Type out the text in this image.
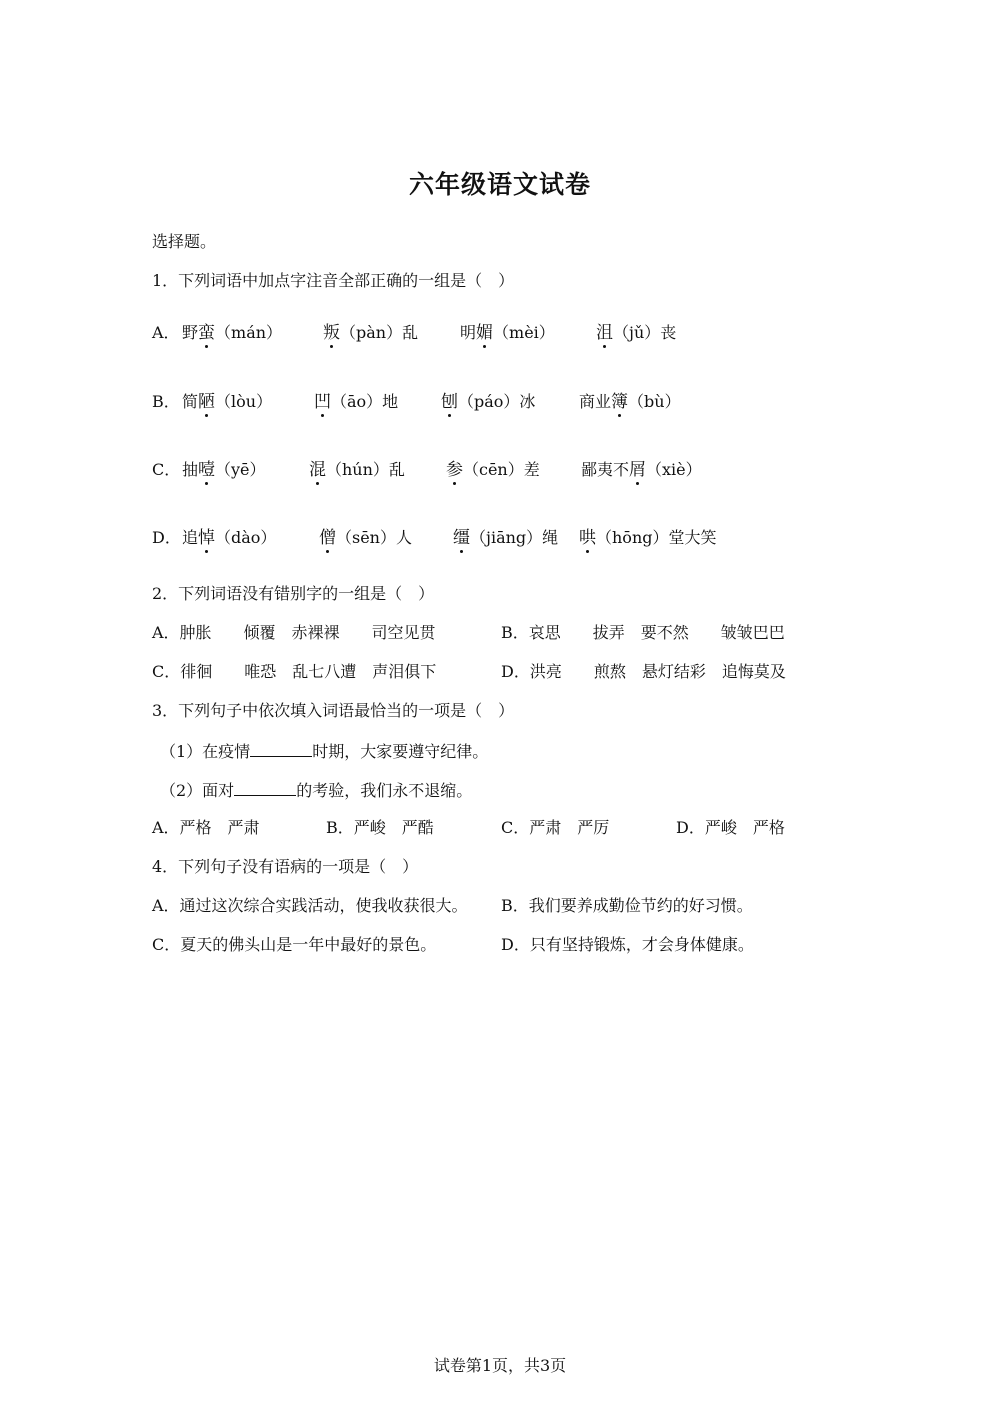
六年级语文试卷
选择题。
1．下列词语中加点字注音全部正确的一组是（　）
A． 野蛮（mán） 叛（pàn）乱	明媚（mèi） 沮（jǔ）丧
B． 简陋（lòu） 凹（āo）地	刨（páo）冰	商业簿（bù）
C． 抽噎（yē）	混（hún）乱 参（cēn）差	鄙夷不屑（xiè）
D． 追悼（dào）	僧（sēn）人 缰（jiāng）绳 哄（hōng）堂大笑
2．下列词语没有错别字的一组是（　）
A．肿胀　　倾覆　赤裸裸　　司空见贯	B．哀思　　拔弄　要不然　　皱皱巴巴
C．徘徊　　唯恐　乱七八遭　声泪俱下	D．洪亮　　煎熬　悬灯结彩　追悔莫及
3．下列句子中依次填入词语最恰当的一项是（　）
（1）在疫情	时期，大家要遵守纪律。
（2）面对	的考验，我们永不退缩。
A．严格　严肃	B．严峻　严酷	C．严肃　严厉	D．严峻　严格
4．下列句子没有语病的一项是（　）
A．通过这次综合实践活动，使我收获很大。 B．我们要养成勤俭节约的好习惯。
C．夏天的佛头山是一年中最好的景色。	D．只有坚持锻炼，才会身体健康。
试卷第1页，共3页
